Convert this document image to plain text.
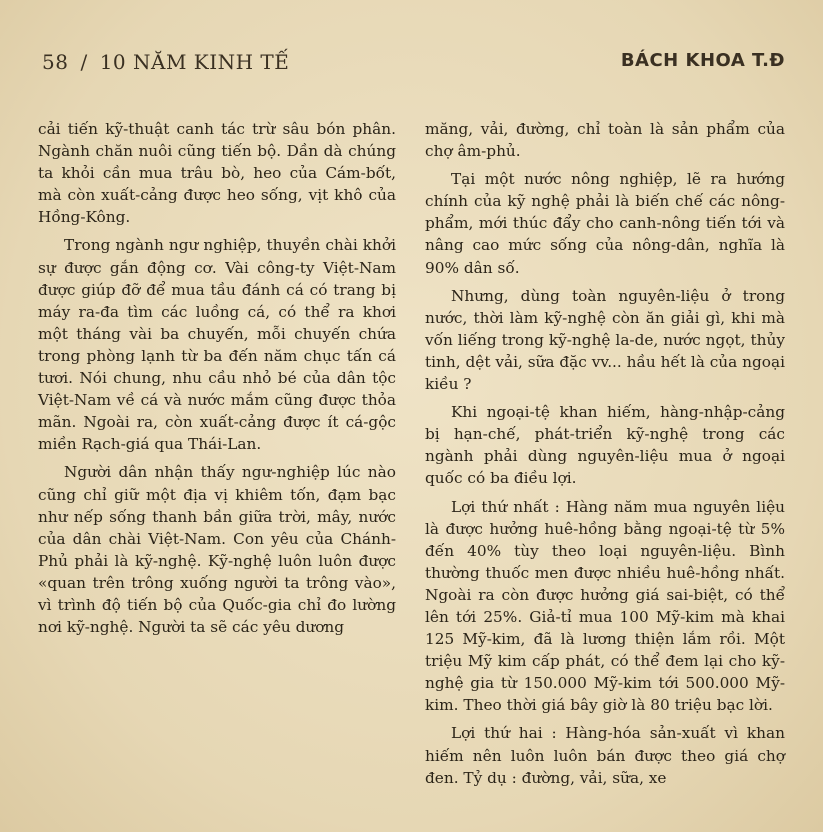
58 / 10 NĂM KINH TẾ	BÁCH KHOA T.Đ

cải tiến kỹ-thuật canh tác trừ sâu bón phân. Ngành chăn nuôi cũng tiến bộ. Dần dà chúng ta khỏi cần mua trâu bò, heo của Cám-bốt, mà còn xuất-cảng được heo sống, vịt khô của Hồng-Kông.

Trong ngành ngư nghiệp, thuyền chài khởi sự được gắn động cơ. Vài công-ty Việt-Nam được giúp đỡ để mua tầu đánh cá có trang bị máy ra-đa tìm các luồng cá, có thể ra khơi một tháng vài ba chuyến, mỗi chuyến chứa trong phòng lạnh từ ba đến năm chục tấn cá tươi. Nói chung, nhu cầu nhỏ bé của dân tộc Việt-Nam về cá và nước mắm cũng được thỏa mãn. Ngoài ra, còn xuất-cảng được ít cá-gộc miền Rạch-giá qua Thái-Lan.

Người dân nhận thấy ngư-nghiệp lúc nào cũng chỉ giữ một địa vị khiêm tốn, đạm bạc như nếp sống thanh bần giữa trời, mây, nước của dân chài Việt-Nam. Con yêu của Chánh-Phủ phải là kỹ-nghệ. Kỹ-nghệ luôn luôn được «quan trên trông xuống người ta trông vào», vì trình độ tiến bộ của Quốc-gia chỉ đo lường nơi kỹ-nghệ. Người ta sẽ các yêu dương

măng, vải, đường, chỉ toàn là sản phẩm của chợ âm-phủ.

Tại một nước nông nghiệp, lẽ ra hướng chính của kỹ nghệ phải là biến chế các nông-phẩm, mới thúc đẩy cho canh-nông tiến tới và nâng cao mức sống của nông-dân, nghĩa là 90% dân số.

Nhưng, dùng toàn nguyên-liệu ở trong nước, thời làm kỹ-nghệ còn ăn giải gì, khi mà vốn liếng trong kỹ-nghệ la-de, nước ngọt, thủy tinh, dệt vải, sữa đặc vv... hầu hết là của ngoại kiều ?

Khi ngoại-tệ khan hiếm, hàng-nhập-cảng bị hạn-chế, phát-triển kỹ-nghệ trong các ngành phải dùng nguyên-liệu mua ở ngoại quốc có ba điều lợi.

Lợi thứ nhất : Hàng năm mua nguyên liệu là được hưởng huê-hồng bằng ngoại-tệ từ 5% đến 40% tùy theo loại nguyên-liệu. Bình thường thuốc men được nhiều huê-hồng nhất. Ngoài ra còn được hưởng giá sai-biệt, có thể lên tới 25%. Giả-tỉ mua 100 Mỹ-kim mà khai 125 Mỹ-kim, đã là lương thiện lắm rồi. Một triệu Mỹ kim cấp phát, có thể đem lại cho kỹ-nghệ gia từ 150.000 Mỹ-kim tới 500.000 Mỹ-kim. Theo thời giá bây giờ là 80 triệu bạc lời.

Lợi thứ hai : Hàng-hóa sản-xuất vì khan hiếm nên luôn luôn bán được theo giá chợ đen. Tỷ dụ : đường, vải, sữa, xe
